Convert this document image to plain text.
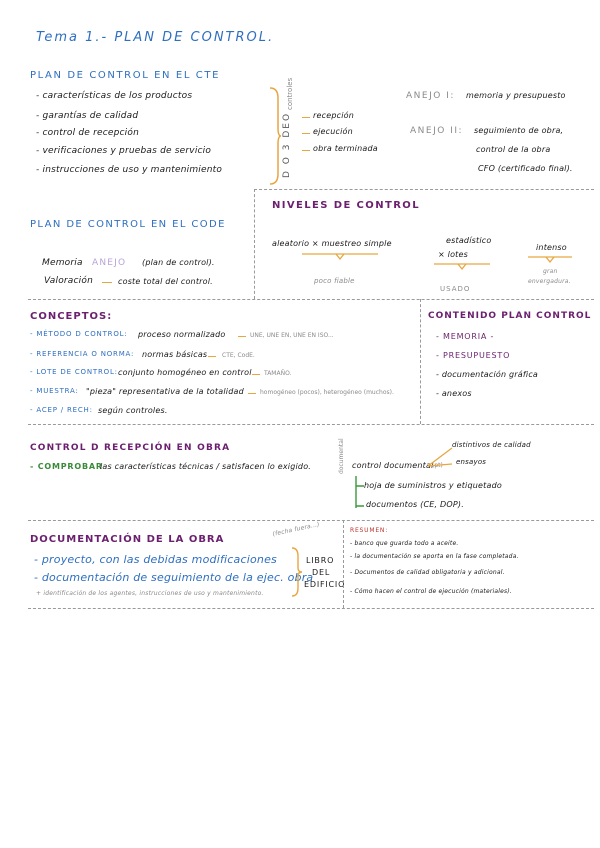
Tema 1.- PLAN DE CONTROL.
PLAN DE CONTROL EN EL CTE
- características de los productos
- garantías de calidad
- control de recepción
- verificaciones y pruebas de servicio
- instrucciones de uso y mantenimiento
controles
D O 3 DEO	recepción
ejecución
obra terminada
ANEJO I: memoria y presupuesto
ANEJO II: seguimiento de obra,
control de la obra
CFO (certificado final).
PLAN DE CONTROL EN EL CODE
Memoria ANEJO (plan de control).
Valoración	coste total del control.
NIVELES DE CONTROL
aleatorio × muestreo simple
poco fiable
estadístico
× lotes
USADO
intenso
gran
envergadura.
CONCEPTOS:
- MÉTODO D CONTROL: proceso normalizado	UNE, UNE EN, UNE EN ISO...
- REFERENCIA O NORMA: normas básicas CTE, CodE.
- LOTE DE CONTROL: conjunto homogéneo en control TAMAÑO.
- MUESTRA: "pieza" representativa de la totalidad	homogéneo (pocos), heterogéneo (muchos).
- ACEP / RECH: según controles.
CONTENIDO PLAN CONTROL
- MEMORIA -
- PRESUPUESTO
- documentación gráfica
- anexos
CONTROL D RECEPCIÓN EN OBRA
- COMPROBAR
las características técnicas / satisfacen lo exigido.	documental control documental
(pt)
distintivos de calidad
ensayos
hoja de suministros y etiquetado
documentos (CE, DOP).
DOCUMENTACIÓN DE LA OBRA
(fecha fuera...)
- proyecto, con las debidas modificaciones
- documentación de seguimiento de la ejec. obra
+ identificación de los agentes, instrucciones de uso y mantenimiento.
LIBRO
DEL
EDIFICIO
RESUMEN:
- banco que guarda todo a aceite.
- la documentación se aporta en la fase completada.
- Documentos de calidad obligatoria y adicional.
- Cómo hacen el control de ejecución (materiales).
